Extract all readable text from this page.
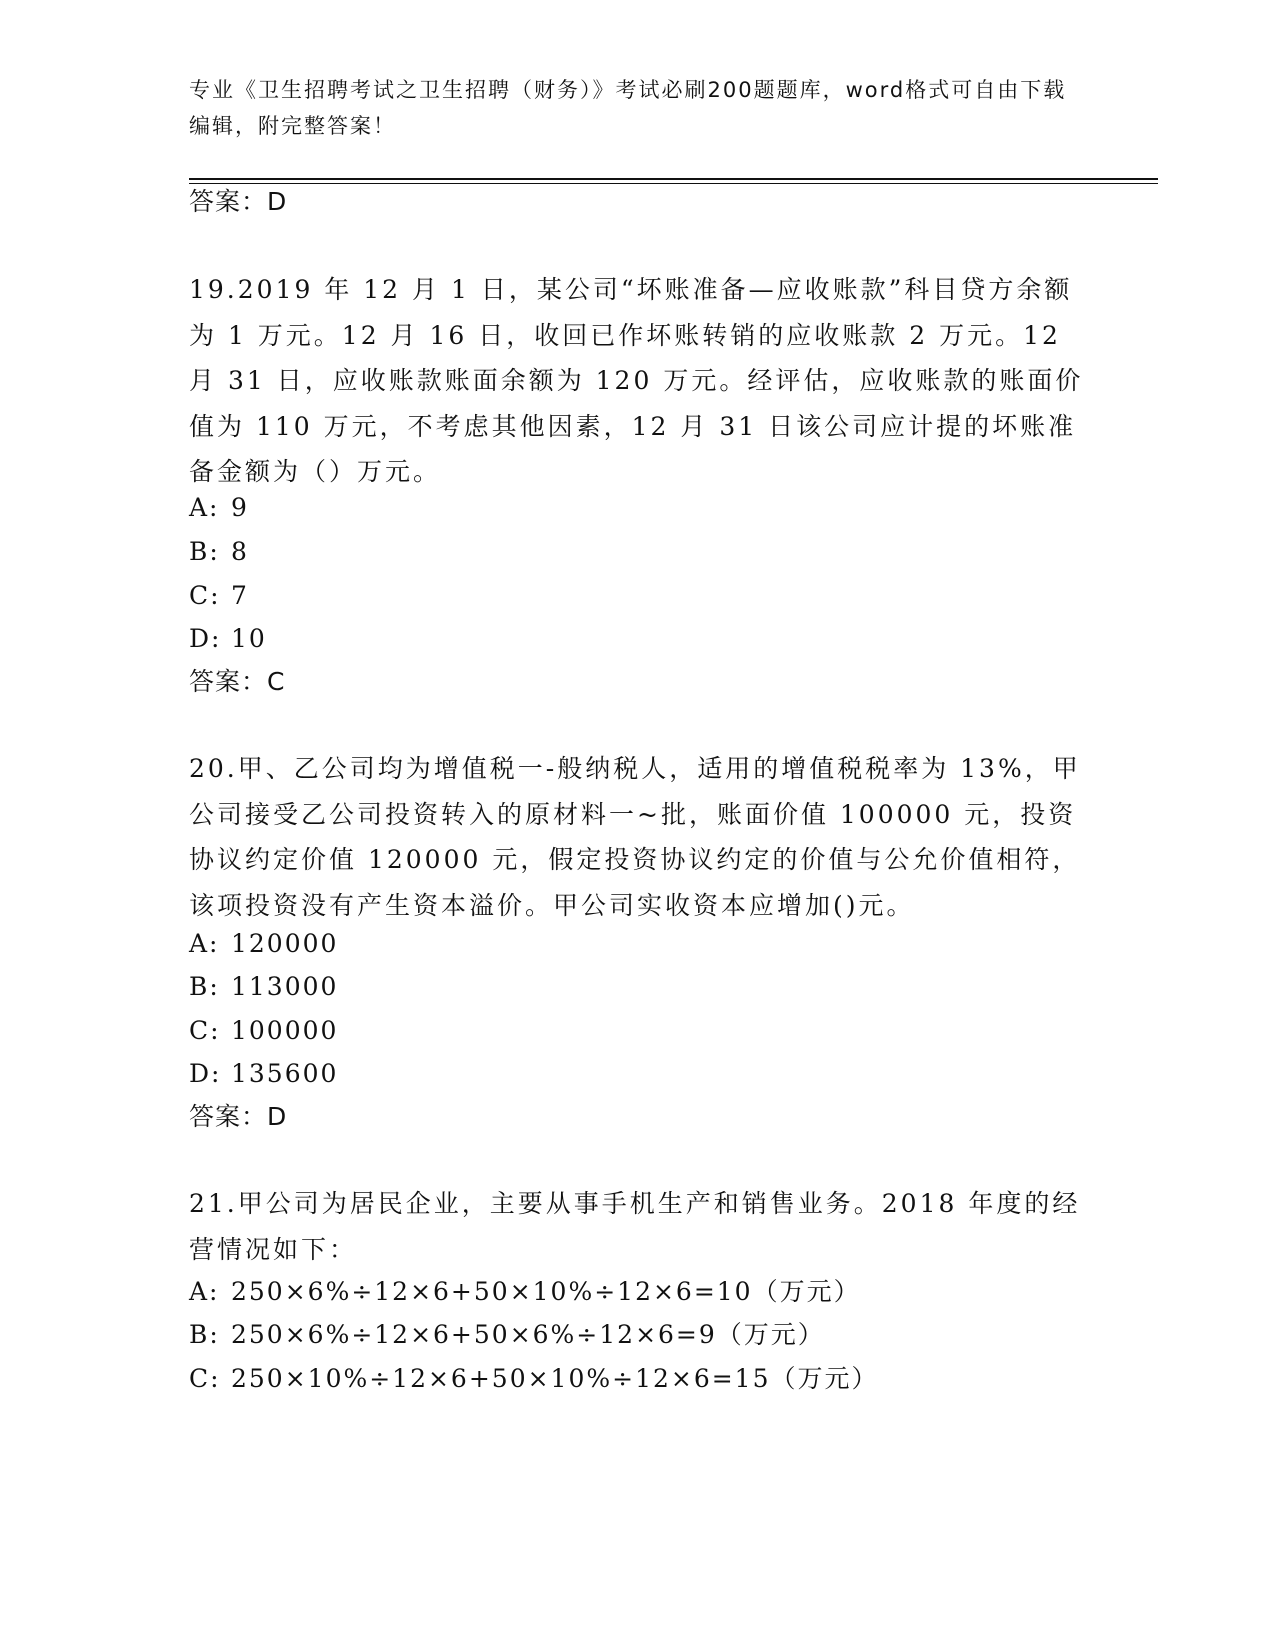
专业《卫生招聘考试之卫生招聘（财务）》考试必刷200题题库，word格式可自由下载编辑，附完整答案！
答案：D
19.2019 年 12 月 1 日，某公司“坏账准备—应收账款”科目贷方余额为 1 万元。12 月 16 日，收回已作坏账转销的应收账款 2 万元。12 月 31 日，应收账款账面余额为 120 万元。经评估，应收账款的账面价值为 110 万元，不考虑其他因素，12 月 31 日该公司应计提的坏账准备金额为（）万元。
A: 9
B: 8
C: 7
D: 10
答案：C
20.甲、乙公司均为增值税一-般纳税人，适用的增值税税率为 13%，甲公司接受乙公司投资转入的原材料一~批，账面价值 100000 元，投资协议约定价值 120000 元，假定投资协议约定的价值与公允价值相符，该项投资没有产生资本溢价。甲公司实收资本应增加()元。
A: 120000
B: 113000
C: 100000
D: 135600
答案：D
21.甲公司为居民企业，主要从事手机生产和销售业务。2018 年度的经营情况如下：
A: 250×6%÷12×6+50×10%÷12×6=10（万元）
B: 250×6%÷12×6+50×6%÷12×6=9（万元）
C: 250×10%÷12×6+50×10%÷12×6=15（万元）
